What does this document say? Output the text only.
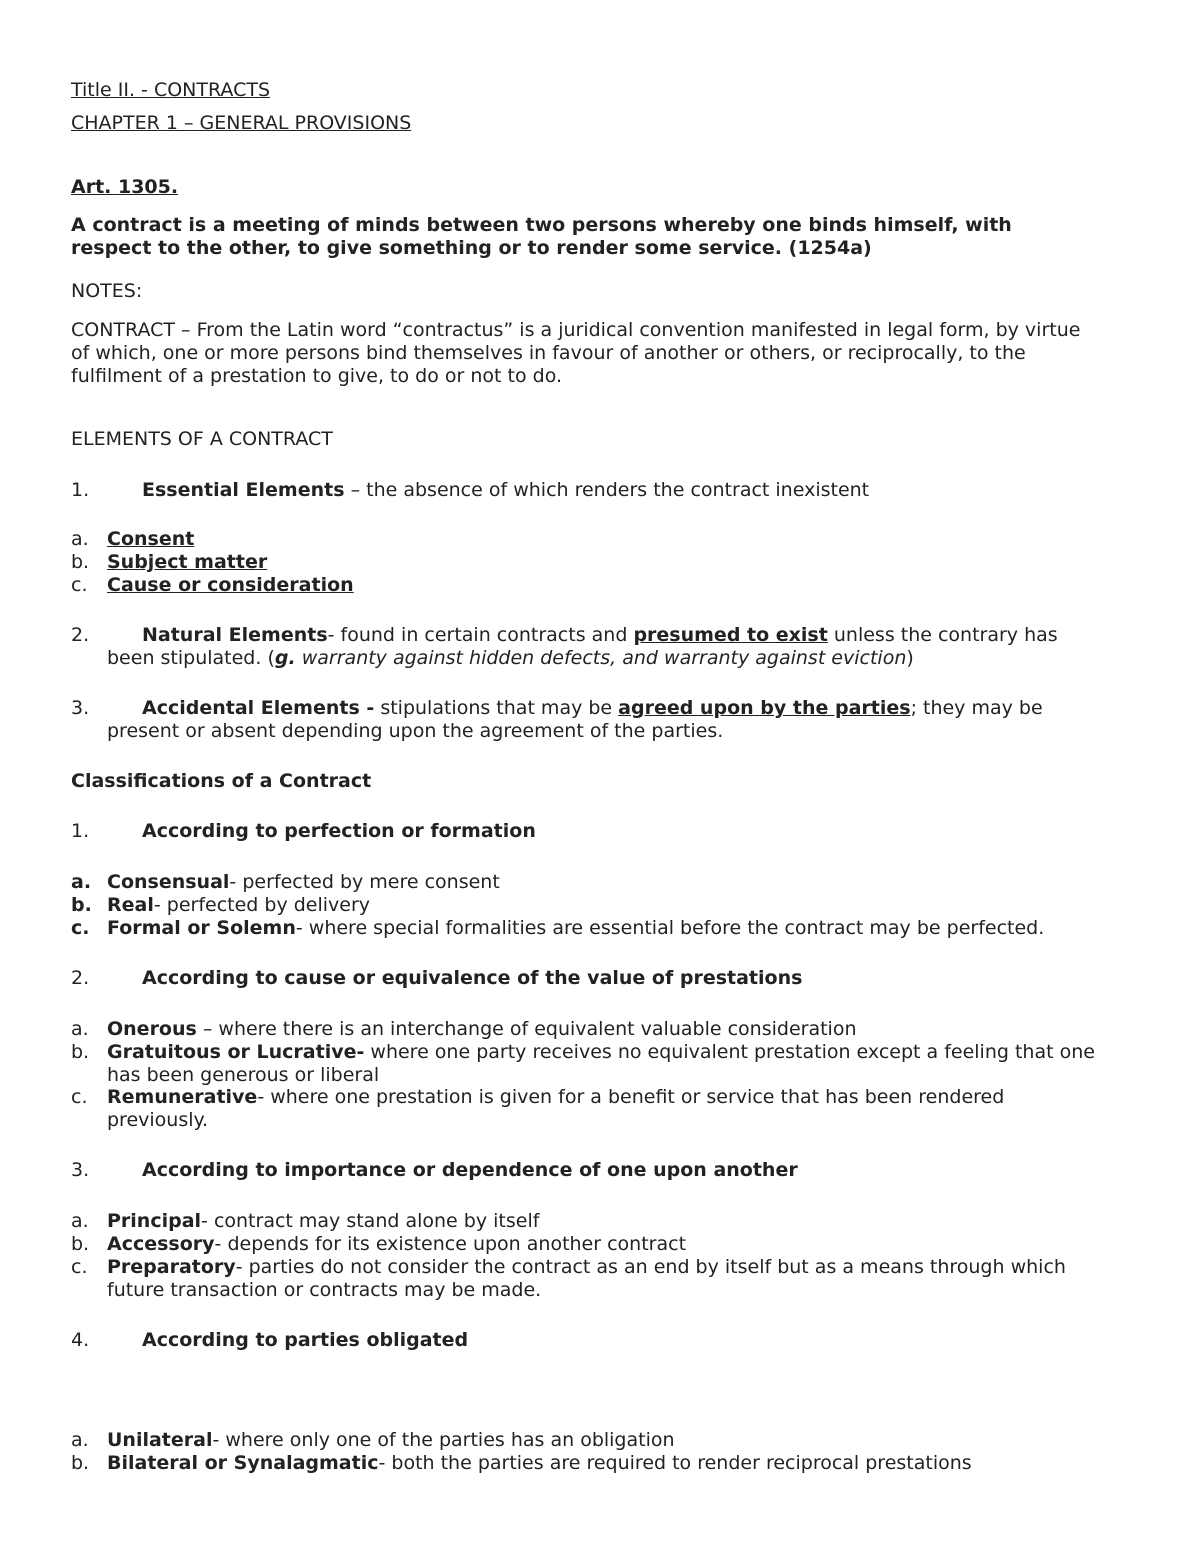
Title II. - CONTRACTS
CHAPTER 1 – GENERAL PROVISIONS
Art. 1305.
A contract is a meeting of minds between two persons whereby one binds himself, with
respect to the other, to give something or to render some service. (1254a)
NOTES:
CONTRACT – From the Latin word “contractus” is a juridical convention manifested in legal form, by virtue
of which, one or more persons bind themselves in favour of another or others, or reciprocally, to the
fulfilment of a prestation to give, to do or not to do.
ELEMENTS OF A CONTRACT
1.	Essential Elements – the absence of which renders the contract inexistent
a. Consent
b. Subject matter
c. Cause or consideration
2.	Natural Elements- found in certain contracts and presumed to exist unless the contrary has
been stipulated. (g. warranty against hidden defects, and warranty against eviction)
3.	Accidental Elements - stipulations that may be agreed upon by the parties; they may be
present or absent depending upon the agreement of the parties.
Classifications of a Contract
1.	According to perfection or formation
a. Consensual- perfected by mere consent
b. Real- perfected by delivery
c. Formal or Solemn- where special formalities are essential before the contract may be perfected.
2.	According to cause or equivalence of the value of prestations
a. Onerous – where there is an interchange of equivalent valuable consideration
b. Gratuitous or Lucrative- where one party receives no equivalent prestation except a feeling that one
has been generous or liberal
c. Remunerative- where one prestation is given for a benefit or service that has been rendered
previously.
3.	According to importance or dependence of one upon another
a. Principal- contract may stand alone by itself
b. Accessory- depends for its existence upon another contract
c. Preparatory- parties do not consider the contract as an end by itself but as a means through which
future transaction or contracts may be made.
4.	According to parties obligated
a. Unilateral- where only one of the parties has an obligation
b. Bilateral or Synalagmatic- both the parties are required to render reciprocal prestations
